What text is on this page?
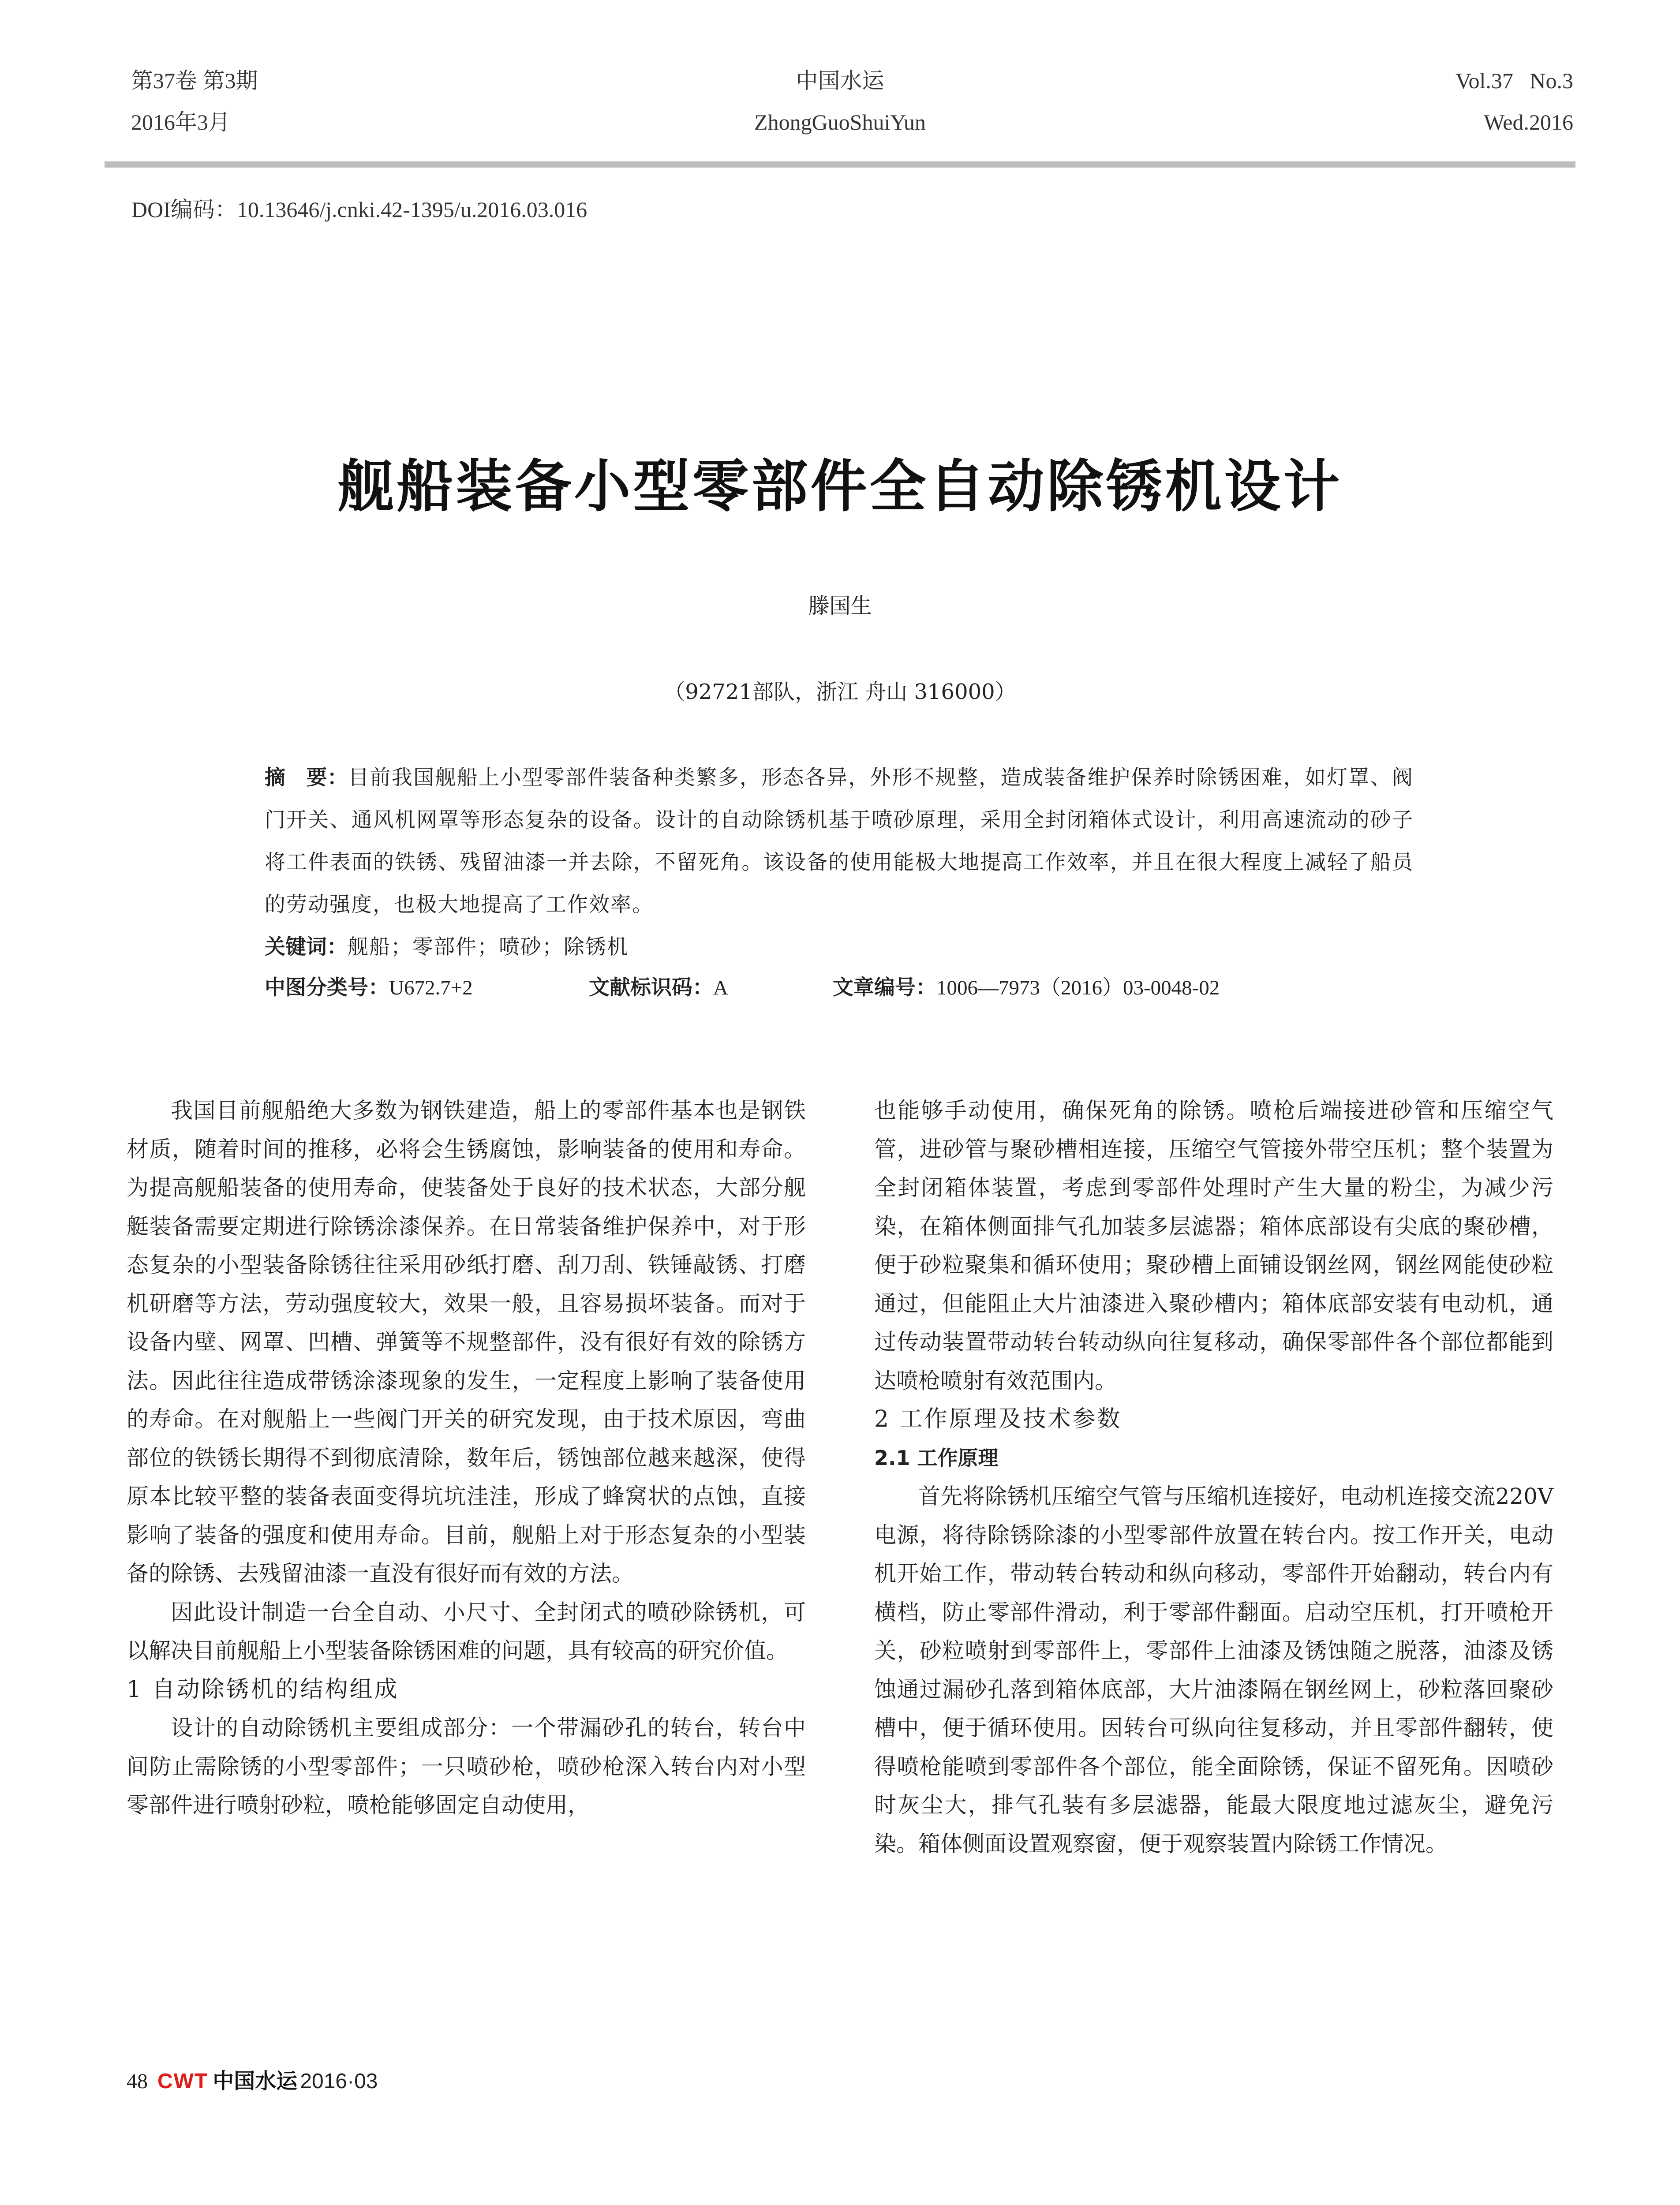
第37卷 第3期
2016年3月
中国水运
ZhongGuoShuiYun
Vol.37   No.3
Wed.2016
DOI编码：10.13646/j.cnki.42-1395/u.2016.03.016
舰船装备小型零部件全自动除锈机设计
滕国生
（92721部队，浙江 舟山 316000）
摘　要：目前我国舰船上小型零部件装备种类繁多，形态各异，外形不规整，造成装备维护保养时除锈困难，如灯罩、阀门开关、通风机网罩等形态复杂的设备。设计的自动除锈机基于喷砂原理，采用全封闭箱体式设计，利用高速流动的砂子将工件表面的铁锈、残留油漆一并去除，不留死角。该设备的使用能极大地提高工作效率，并且在很大程度上减轻了船员的劳动强度，也极大地提高了工作效率。
关键词：舰船；零部件；喷砂；除锈机
中图分类号：U672.7+2	文献标识码：A	文章编号：1006—7973（2016）03-0048-02

我国目前舰船绝大多数为钢铁建造，船上的零部件基本也是钢铁材质，随着时间的推移，必将会生锈腐蚀，影响装备的使用和寿命。为提高舰船装备的使用寿命，使装备处于良好的技术状态，大部分舰艇装备需要定期进行除锈涂漆保养。在日常装备维护保养中，对于形态复杂的小型装备除锈往往采用砂纸打磨、刮刀刮、铁锤敲锈、打磨机研磨等方法，劳动强度较大，效果一般，且容易损坏装备。而对于设备内壁、网罩、凹槽、弹簧等不规整部件，没有很好有效的除锈方法。因此往往造成带锈涂漆现象的发生，一定程度上影响了装备使用的寿命。在对舰船上一些阀门开关的研究发现，由于技术原因，弯曲部位的铁锈长期得不到彻底清除，数年后，锈蚀部位越来越深，使得原本比较平整的装备表面变得坑坑洼洼，形成了蜂窝状的点蚀，直接影响了装备的强度和使用寿命。目前，舰船上对于形态复杂的小型装备的除锈、去残留油漆一直没有很好而有效的方法。

因此设计制造一台全自动、小尺寸、全封闭式的喷砂除锈机，可以解决目前舰船上小型装备除锈困难的问题，具有较高的研究价值。

1 自动除锈机的结构组成

设计的自动除锈机主要组成部分：一个带漏砂孔的转台，转台中间防止需除锈的小型零部件；一只喷砂枪，喷砂枪深入转台内对小型零部件进行喷射砂粒，喷枪能够固定自动使用，

也能够手动使用，确保死角的除锈。喷枪后端接进砂管和压缩空气管，进砂管与聚砂槽相连接，压缩空气管接外带空压机；整个装置为全封闭箱体装置，考虑到零部件处理时产生大量的粉尘，为减少污染，在箱体侧面排气孔加装多层滤器；箱体底部设有尖底的聚砂槽，便于砂粒聚集和循环使用；聚砂槽上面铺设钢丝网，钢丝网能使砂粒通过，但能阻止大片油漆进入聚砂槽内；箱体底部安装有电动机，通过传动装置带动转台转动纵向往复移动，确保零部件各个部位都能到达喷枪喷射有效范围内。

2 工作原理及技术参数

2.1 工作原理

首先将除锈机压缩空气管与压缩机连接好，电动机连接交流220V电源，将待除锈除漆的小型零部件放置在转台内。按工作开关，电动机开始工作，带动转台转动和纵向移动，零部件开始翻动，转台内有横档，防止零部件滑动，利于零部件翻面。启动空压机，打开喷枪开关，砂粒喷射到零部件上，零部件上油漆及锈蚀随之脱落，油漆及锈蚀通过漏砂孔落到箱体底部，大片油漆隔在钢丝网上，砂粒落回聚砂槽中，便于循环使用。因转台可纵向往复移动，并且零部件翻转，使得喷枪能喷到零部件各个部位，能全面除锈，保证不留死角。因喷砂时灰尘大，排气孔装有多层滤器，能最大限度地过滤灰尘，避免污染。箱体侧面设置观察窗，便于观察装置内除锈工作情况。

48 CWT 中国水运 2016·03
